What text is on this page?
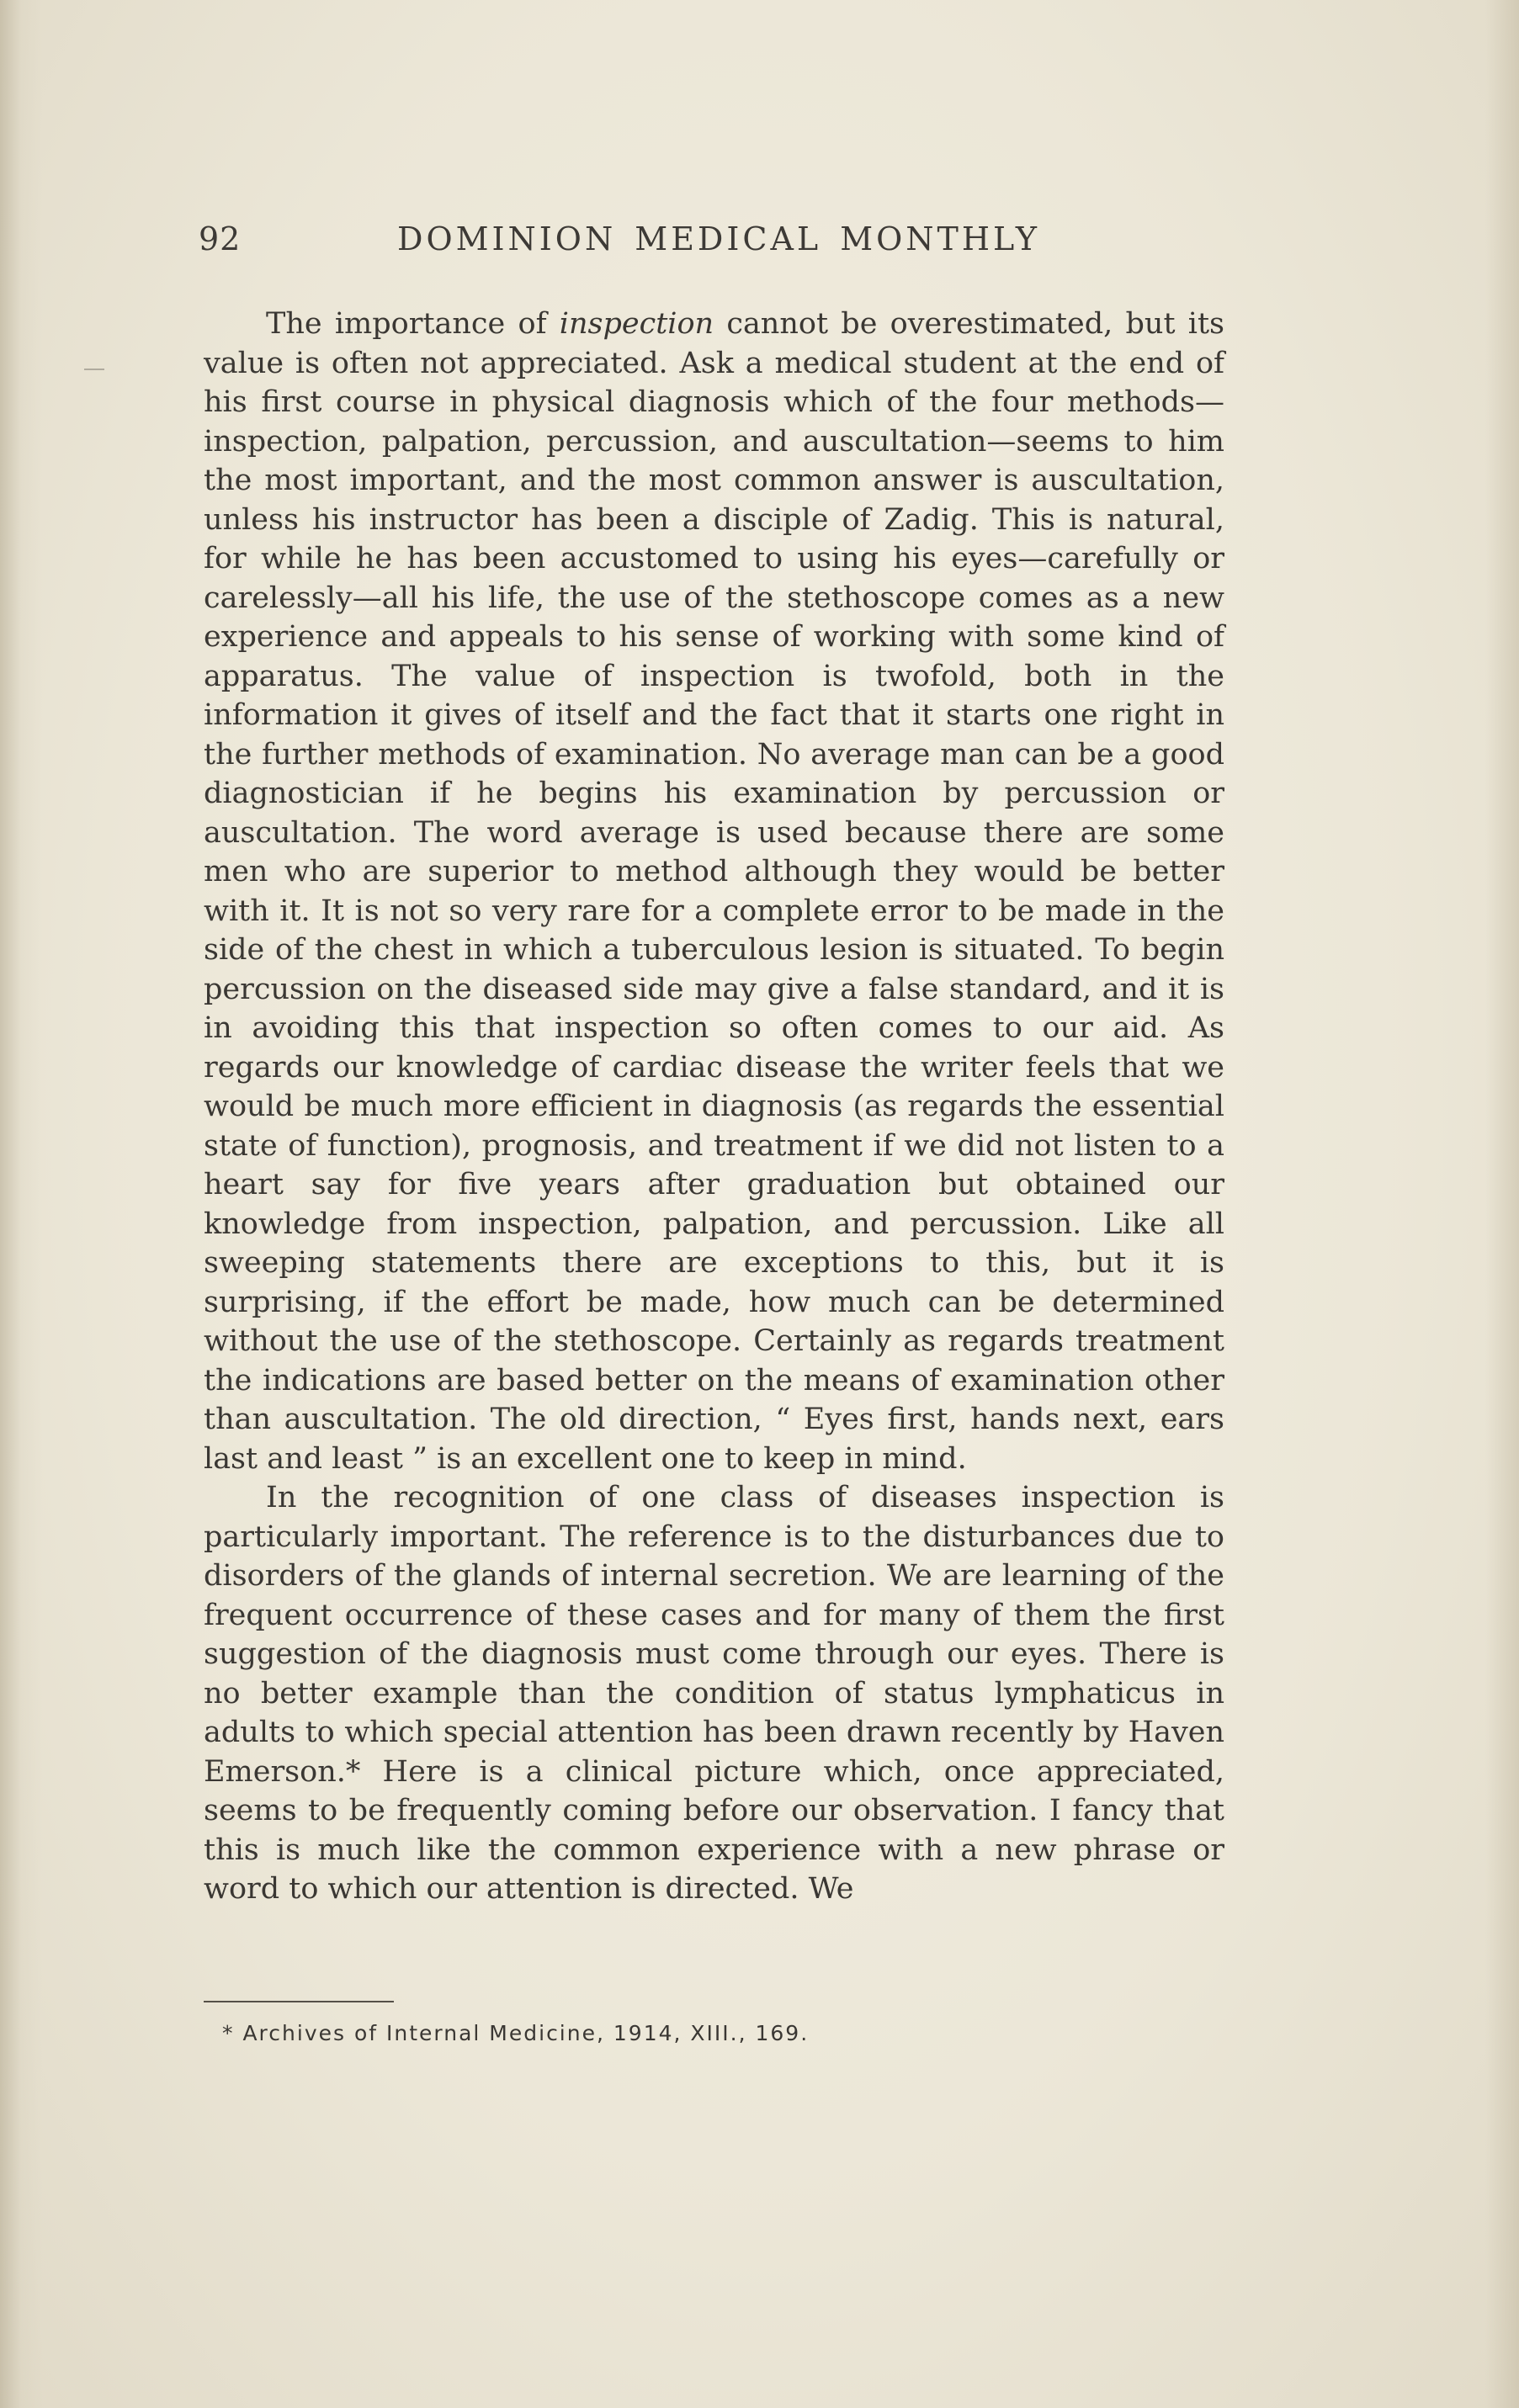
92	DOMINION MEDICAL MONTHLY

The importance of inspection cannot be overestimated, but its value is often not appreciated. Ask a medical student at the end of his first course in physical diagnosis which of the four methods—inspection, palpation, percussion, and auscultation—seems to him the most important, and the most common answer is auscultation, unless his instructor has been a disciple of Zadig. This is natural, for while he has been accustomed to using his eyes—carefully or carelessly—all his life, the use of the stethoscope comes as a new experience and appeals to his sense of working with some kind of apparatus. The value of inspection is twofold, both in the information it gives of itself and the fact that it starts one right in the further methods of examination. No average man can be a good diagnostician if he begins his examination by percussion or auscultation. The word average is used because there are some men who are superior to method although they would be better with it. It is not so very rare for a complete error to be made in the side of the chest in which a tuberculous lesion is situated. To begin percussion on the diseased side may give a false standard, and it is in avoiding this that inspection so often comes to our aid. As regards our knowledge of cardiac disease the writer feels that we would be much more efficient in diagnosis (as regards the essential state of function), prognosis, and treatment if we did not listen to a heart say for five years after graduation but obtained our knowledge from inspection, palpation, and percussion. Like all sweeping statements there are exceptions to this, but it is surprising, if the effort be made, how much can be determined without the use of the stethoscope. Certainly as regards treatment the indications are based better on the means of examination other than auscultation. The old direction, “ Eyes first, hands next, ears last and least ” is an excellent one to keep in mind.

In the recognition of one class of diseases inspection is particularly important. The reference is to the disturbances due to disorders of the glands of internal secretion. We are learning of the frequent occurrence of these cases and for many of them the first suggestion of the diagnosis must come through our eyes. There is no better example than the condition of status lymphaticus in adults to which special attention has been drawn recently by Haven Emerson.* Here is a clinical picture which, once appreciated, seems to be frequently coming before our observation. I fancy that this is much like the common experience with a new phrase or word to which our attention is directed. We

* Archives of Internal Medicine, 1914, XIII., 169.
